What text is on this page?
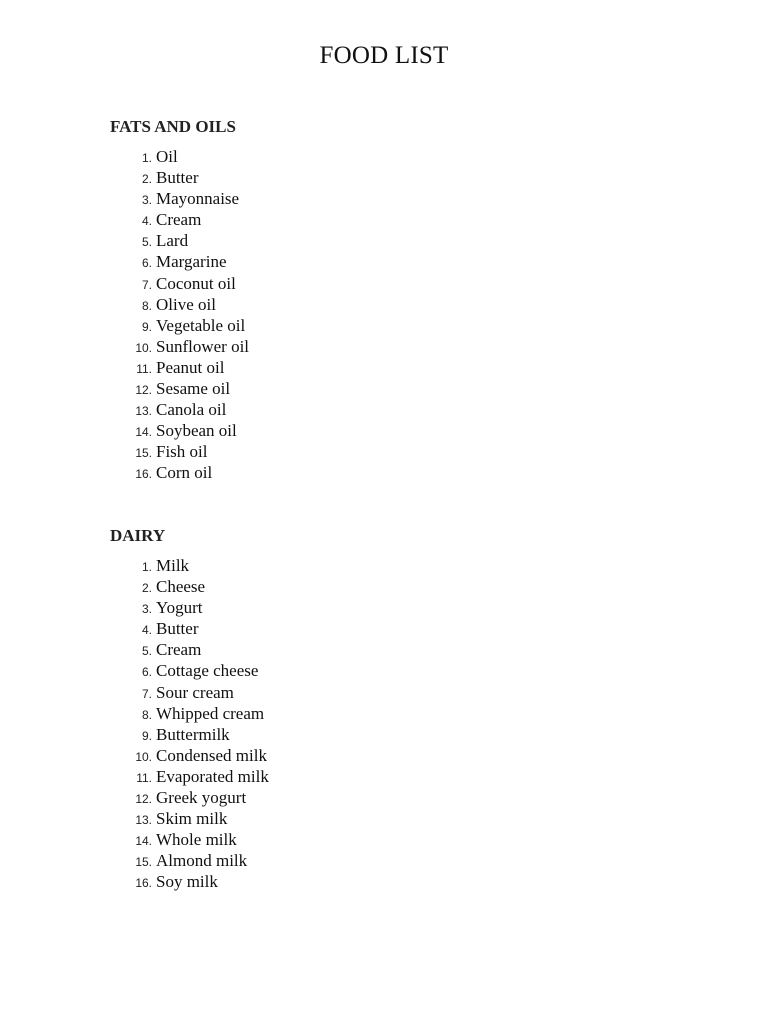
FOOD LIST
FATS AND OILS
1. Oil
2. Butter
3. Mayonnaise
4. Cream
5. Lard
6. Margarine
7. Coconut oil
8. Olive oil
9. Vegetable oil
10. Sunflower oil
11. Peanut oil
12. Sesame oil
13. Canola oil
14. Soybean oil
15. Fish oil
16. Corn oil
DAIRY
1. Milk
2. Cheese
3. Yogurt
4. Butter
5. Cream
6. Cottage cheese
7. Sour cream
8. Whipped cream
9. Buttermilk
10. Condensed milk
11. Evaporated milk
12. Greek yogurt
13. Skim milk
14. Whole milk
15. Almond milk
16. Soy milk
